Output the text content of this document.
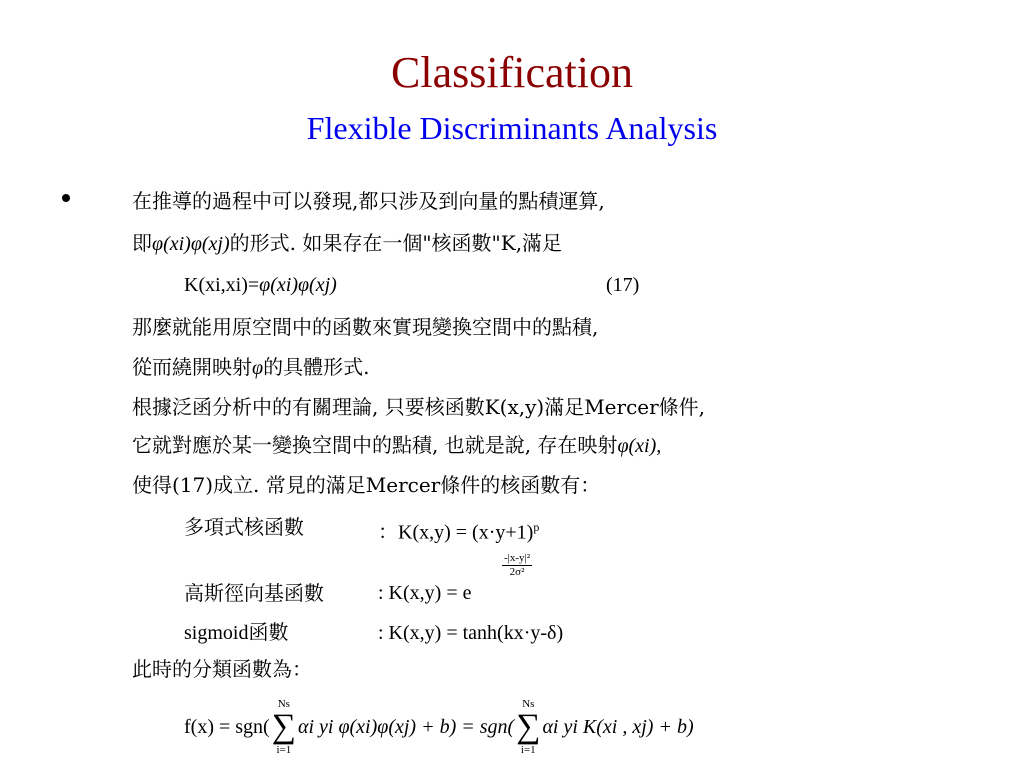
Classification
Flexible Discriminants Analysis
在推導的過程中可以發現,都只涉及到向量的點積運算,
即φ(xi)φ(xj)的形式. 如果存在一個"核函數"K,滿足
K(xi,xi)=φ(xi)φ(xj)	(17)
那麼就能用原空間中的函數來實現變換空間中的點積,
從而繞開映射φ的具體形式.
根據泛函分析中的有關理論, 只要核函數K(x,y)滿足Mercer條件,
它就對應於某一變換空間中的點積, 也就是說, 存在映射φ(xi),
使得(17)成立. 常見的滿足Mercer條件的核函數有：
多項式核函數	：$K(x,y) = (x\cdot y+1)^p$
高斯徑向基函數	: K(x,y) = e
$\frac{\text{-|x-y|²}}{\text{2σ²}}$
sigmoid函數	: K(x,y) = tanh(kx·y-δ)
此時的分類函數為：
f(x) = sgn(
Ns
∑
i=1
αi yi φ(xi)φ(xj) + b) = sgn(
Ns
∑
i=1
αi yi K(xi , xj) + b)
